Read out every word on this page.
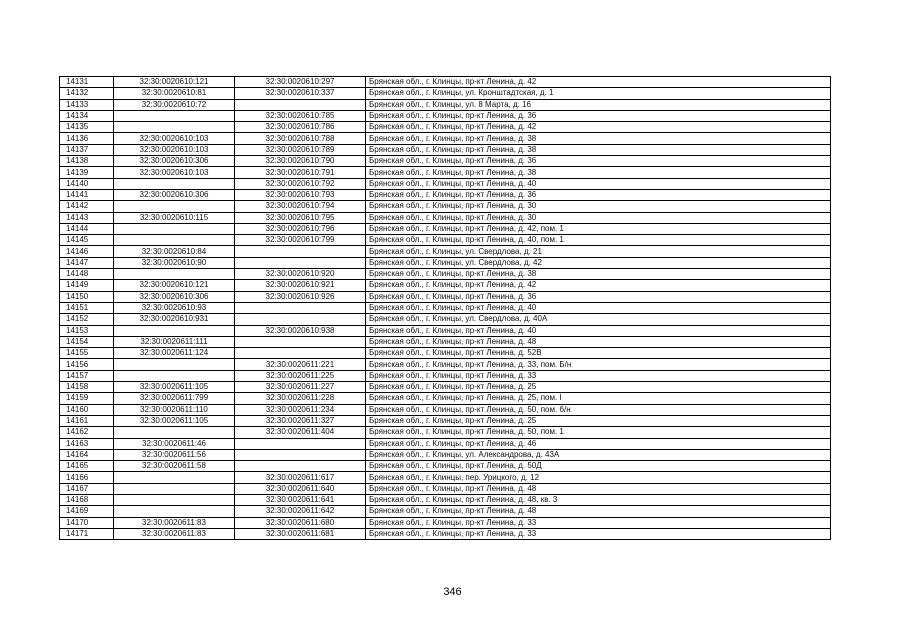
14131	32:30:0020610:121	32:30:0020610:297	Брянская обл., г. Клинцы, пр-кт Ленина, д. 42
14132	32:30:0020610:81	32:30:0020610:337	Брянская обл., г. Клинцы, ул. Кронштадтская, д. 1
14133	32:30:0020610:72		Брянская обл., г. Клинцы, ул. 8 Марта, д. 16
14134		32:30:0020610:785	Брянская обл., г. Клинцы, пр-кт Ленина, д. 36
14135		32:30:0020610:786	Брянская обл., г. Клинцы, пр-кт Ленина, д. 42
14136	32:30:0020610:103	32:30:0020610:788	Брянская обл., г. Клинцы, пр-кт Ленина, д. 38
14137	32:30:0020610:103	32:30:0020610:789	Брянская обл., г. Клинцы, пр-кт Ленина, д. 38
14138	32:30:0020610:306	32:30:0020610:790	Брянская обл., г. Клинцы, пр-кт Ленина, д. 36
14139	32:30:0020610:103	32:30:0020610:791	Брянская обл., г. Клинцы, пр-кт Ленина, д. 38
14140		32:30:0020610:792	Брянская обл., г. Клинцы, пр-кт Ленина, д. 40
14141	32:30:0020610:306	32:30:0020610:793	Брянская обл., г. Клинцы, пр-кт Ленина, д. 36
14142		32:30:0020610:794	Брянская обл., г. Клинцы, пр-кт Ленина, д. 30
14143	32:30:0020610:115	32:30:0020610:795	Брянская обл., г. Клинцы, пр-кт Ленина, д. 30
14144		32:30:0020610:796	Брянская обл., г. Клинцы, пр-кт Ленина, д. 42, пом. 1
14145		32:30:0020610:799	Брянская обл., г. Клинцы, пр-кт Ленина, д. 40, пом. 1
14146	32:30:0020610:84		Брянская обл., г. Клинцы, ул. Свердлова, д. 21
14147	32:30:0020610:90		Брянская обл., г. Клинцы, ул. Свердлова, д. 42
14148		32:30:0020610:920	Брянская обл., г. Клинцы, пр-кт Ленина, д. 38
14149	32:30:0020610:121	32:30:0020610:921	Брянская обл., г. Клинцы, пр-кт Ленина, д. 42
14150	32:30:0020610:306	32:30:0020610:926	Брянская обл., г. Клинцы, пр-кт Ленина, д. 36
14151	32:30:0020610:93		Брянская обл., г. Клинцы, пр-кт Ленина, д. 40
14152	32:30:0020610:931		Брянская обл., г. Клинцы, ул. Свердлова, д. 40А
14153		32:30:0020610:938	Брянская обл., г. Клинцы, пр-кт Ленина, д. 40
14154	32:30:0020611:111		Брянская обл., г. Клинцы, пр-кт Ленина, д. 48
14155	32:30:0020611:124		Брянская обл., г. Клинцы, пр-кт Ленина, д. 52В
14156		32:30:0020611:221	Брянская обл., г. Клинцы, пр-кт Ленина, д. 33, пом. Б/н
14157		32:30:0020611:225	Брянская обл., г. Клинцы, пр-кт Ленина, д. 33
14158	32:30:0020611:105	32:30:0020611:227	Брянская обл., г. Клинцы, пр-кт Ленина, д. 25
14159	32:30:0020611:799	32:30:0020611:228	Брянская обл., г. Клинцы, пр-кт Ленина, д. 25, пом. I
14160	32:30:0020611:110	32:30:0020611:234	Брянская обл., г. Клинцы, пр-кт Ленина, д. 50, пом. б/н
14161	32:30:0020611:105	32:30:0020611:327	Брянская обл., г. Клинцы, пр-кт Ленина, д. 25
14162		32:30:0020611:404	Брянская обл., г. Клинцы, пр-кт Ленина, д. 50, пом. 1
14163	32:30:0020611:46		Брянская обл., г. Клинцы, пр-кт Ленина, д. 46
14164	32:30:0020611:56		Брянская обл., г. Клинцы, ул. Александрова, д. 43А
14165	32:30:0020611:58		Брянская обл., г. Клинцы, пр-кт Ленина, д. 50Д
14166		32:30:0020611:617	Брянская обл., г. Клинцы, пер. Урицкого, д. 12
14167		32:30:0020611:640	Брянская обл., г. Клинцы, пр-кт Ленина, д. 48
14168		32:30:0020611:641	Брянская обл., г. Клинцы, пр-кт Ленина, д. 48, кв. 3
14169		32:30:0020611:642	Брянская обл., г. Клинцы, пр-кт Ленина, д. 48
14170	32:30:0020611:83	32:30:0020611:680	Брянская обл., г. Клинцы, пр-кт Ленина, д. 33
14171	32:30:0020611:83	32:30:0020611:681	Брянская обл., г. Клинцы, пр-кт Ленина, д. 33
346
